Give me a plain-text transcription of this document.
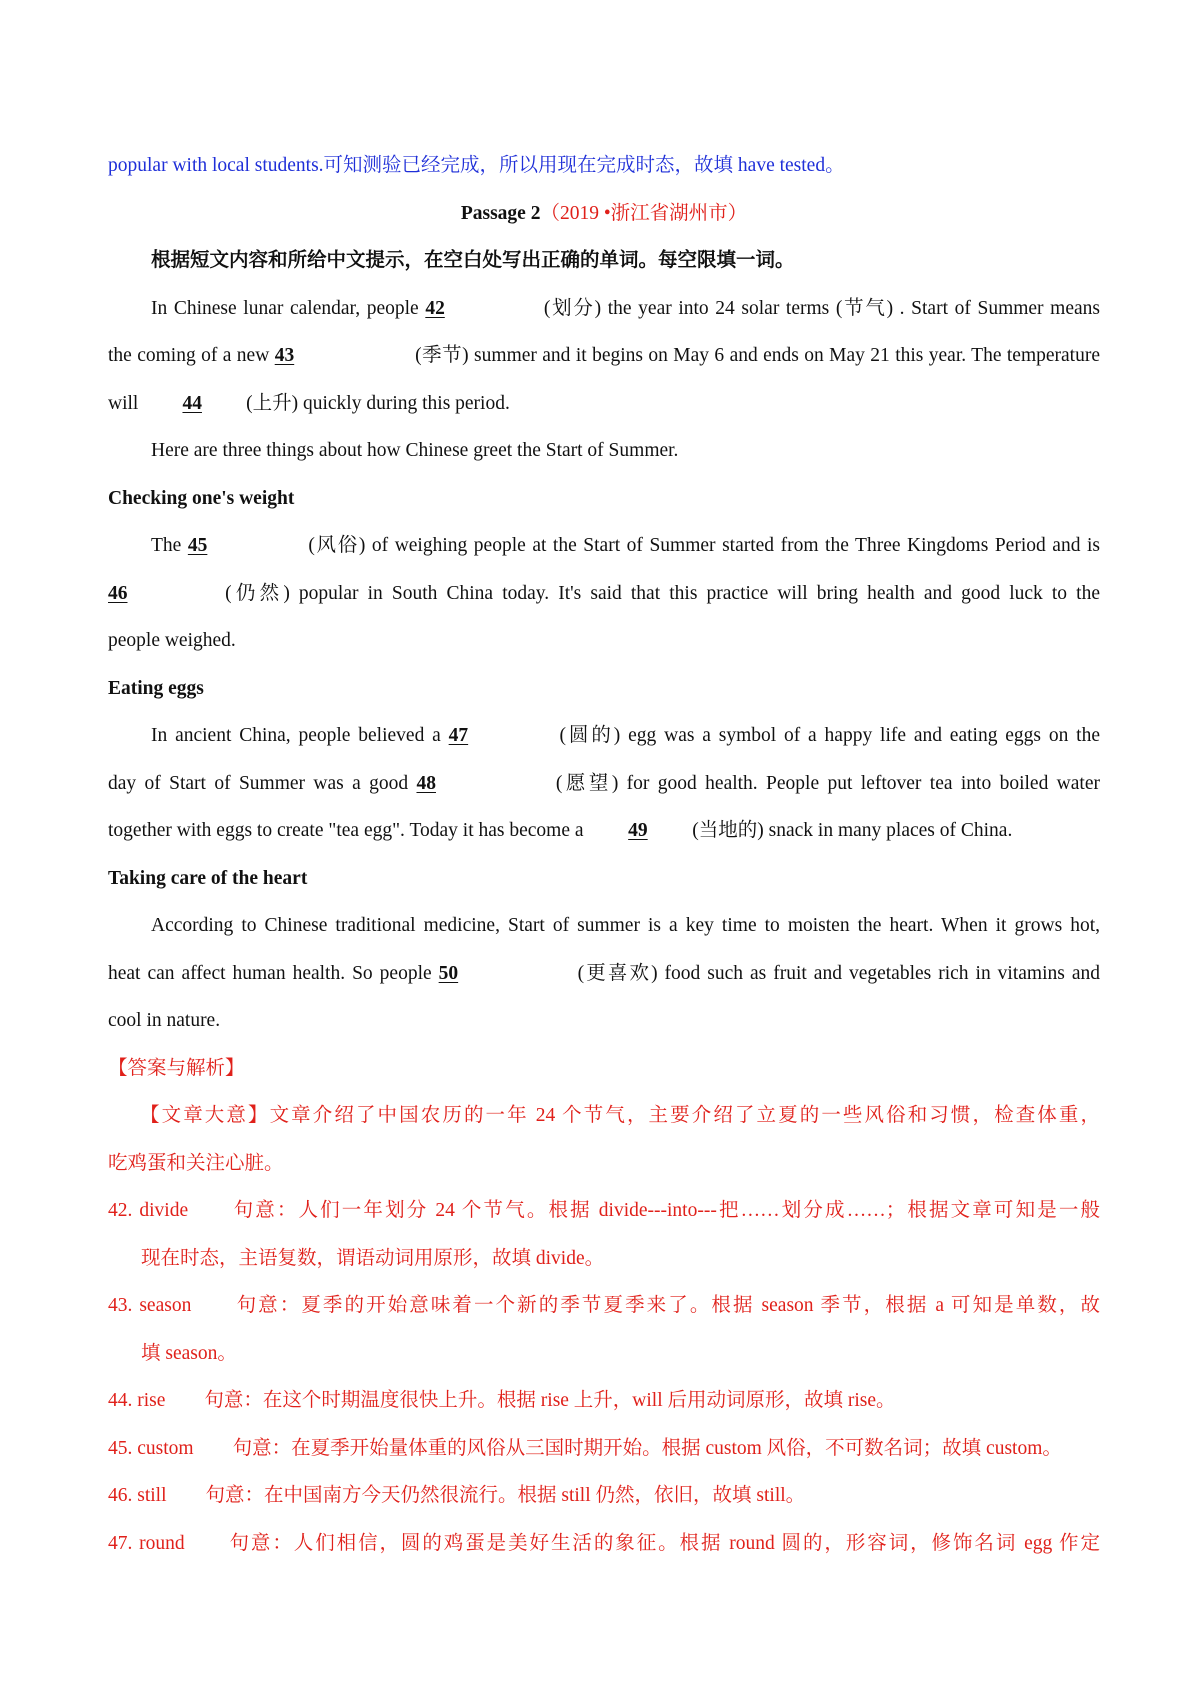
popular with local students.可知测验已经完成，所以用现在完成时态，故填 have tested。
Passage 2（2019 •浙江省湖州市）
根据短文内容和所给中文提示，在空白处写出正确的单词。每空限填一词。
In Chinese lunar calendar, people 42	(划分) the year into 24 solar terms (节气) . Start of Summer means
the coming of a new 43	(季节) summer and it begins on May 6 and ends on May 21 this year. The temperature
will 44 (上升) quickly during this period.
Here are three things about how Chinese greet the Start of Summer.
Checking one's weight
The 45	(风俗) of weighing people at the Start of Summer started from the Three Kingdoms Period and is
46	(仍然) popular in South China today. It's said that this practice will bring health and good luck to the
people weighed.
Eating eggs
In ancient China, people believed a 47	(圆的) egg was a symbol of a happy life and eating eggs on the
day of Start of Summer was a good 48	(愿望) for good health. People put leftover tea into boiled water
together with eggs to create "tea egg". Today it has become a 49 (当地的) snack in many places of China.
Taking care of the heart
According to Chinese traditional medicine, Start of summer is a key time to moisten the heart. When it grows hot,
heat can affect human health. So people 50	(更喜欢) food such as fruit and vegetables rich in vitamins and
cool in nature.
【答案与解析】
【文章大意】文章介绍了中国农历的一年 24 个节气，主要介绍了立夏的一些风俗和习惯，检查体重，
吃鸡蛋和关注心脏。
42. divide　　句意：人们一年划分 24 个节气。根据 divide---into---把……划分成……；根据文章可知是一般
现在时态，主语复数，谓语动词用原形，故填 divide。
43. season　　句意：夏季的开始意味着一个新的季节夏季来了。根据 season 季节，根据 a 可知是单数，故
填 season。
44. rise　　句意：在这个时期温度很快上升。根据 rise 上升，will 后用动词原形，故填 rise。
45. custom　　句意：在夏季开始量体重的风俗从三国时期开始。根据 custom 风俗，不可数名词；故填 custom。
46. still　　句意：在中国南方今天仍然很流行。根据 still 仍然，依旧，故填 still。
47. round　　句意：人们相信，圆的鸡蛋是美好生活的象征。根据 round 圆的，形容词，修饰名词 egg 作定
